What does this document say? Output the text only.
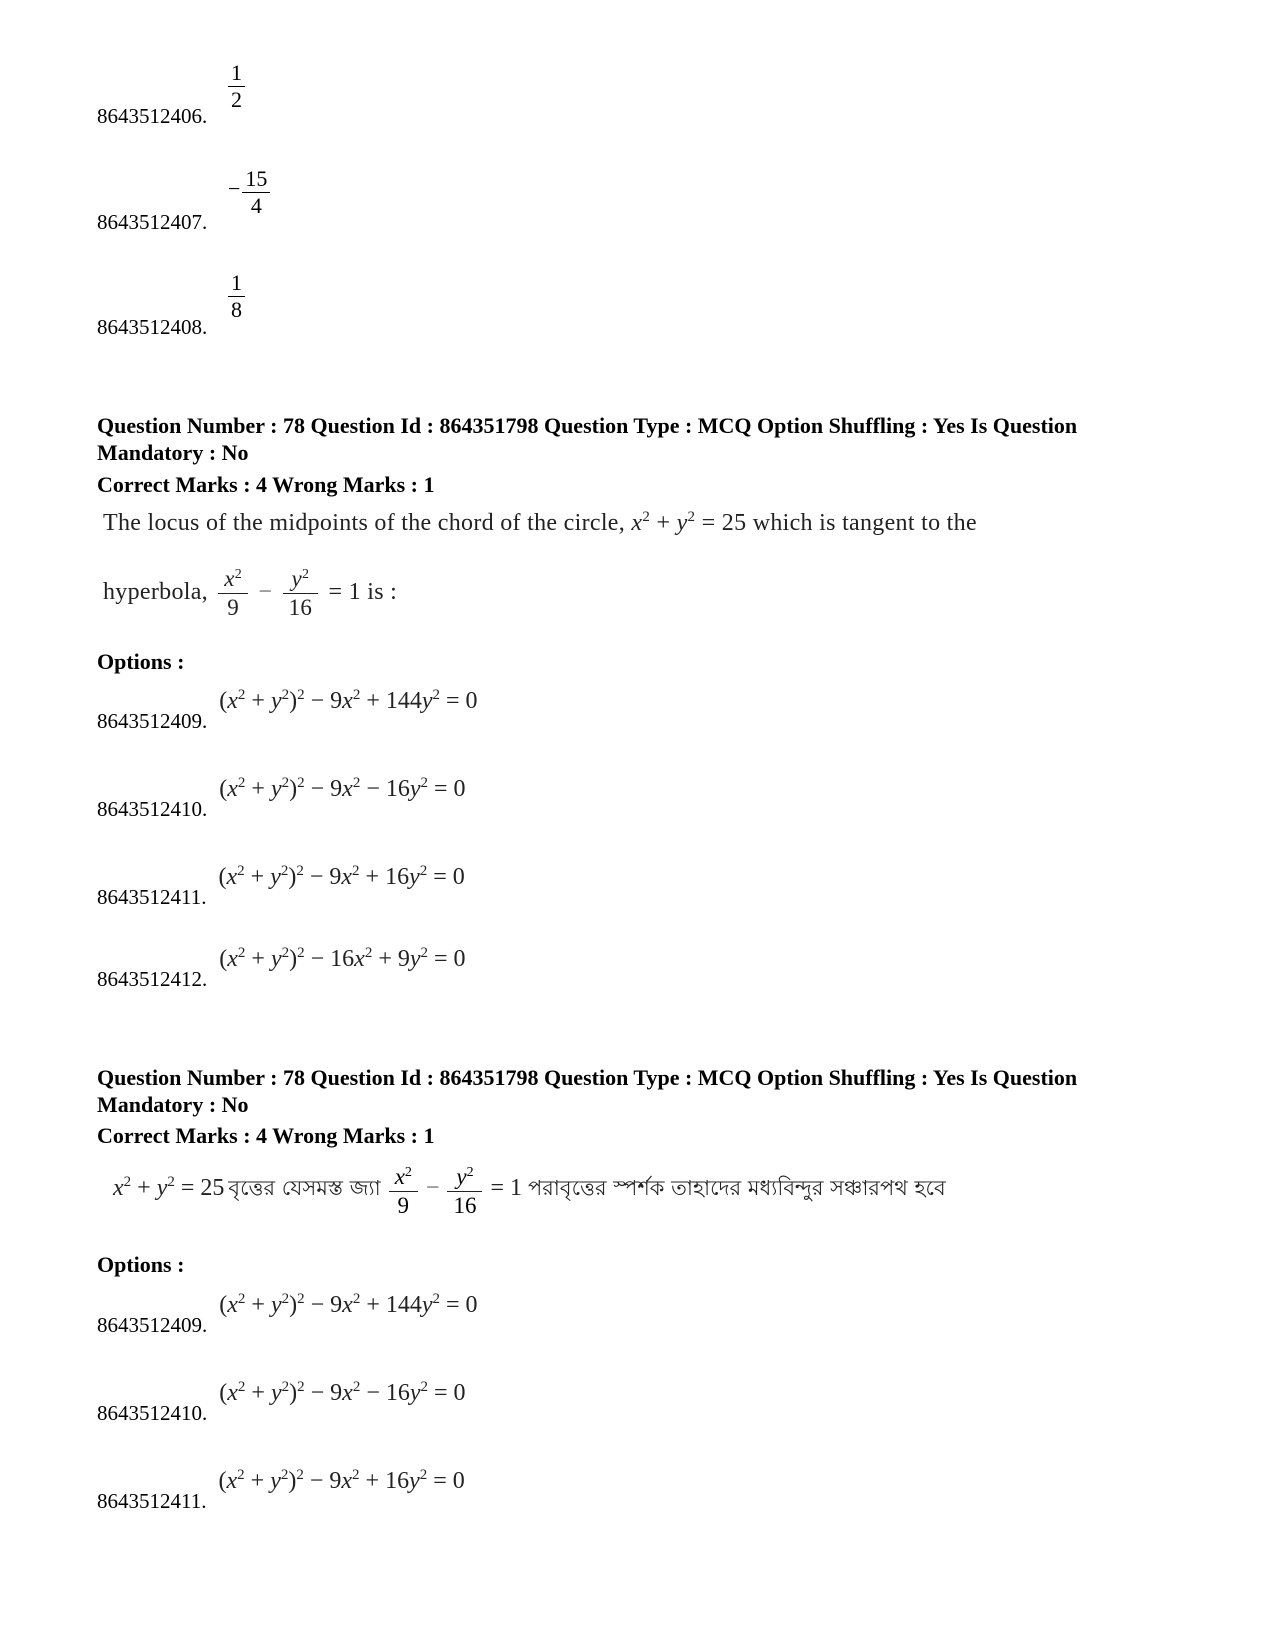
8643512406.
$\frac{1}{2}$
8643512407.
− $\frac{15}{4}$
8643512408.
$\frac{1}{8}$
Question Number : 78 Question Id : 864351798 Question Type : MCQ Option Shuffling : Yes Is Question Mandatory : No
Correct Marks : 4 Wrong Marks : 1
The locus of the midpoints of the chord of the circle, $x^2 + y^2 = 25$ which is tangent to the
hyperbola, $\frac{x^2}{9} - \frac{y^2}{16} = 1$ is :
Options :
8643512409.
$(x^2 + y^2)^2 - 9x^2 + 144y^2 = 0$
8643512410.
$(x^2 + y^2)^2 - 9x^2 - 16y^2 = 0$
8643512411.
$(x^2 + y^2)^2 - 9x^2 + 16y^2 = 0$
8643512412.
$(x^2 + y^2)^2 - 16x^2 + 9y^2 = 0$
Question Number : 78 Question Id : 864351798 Question Type : MCQ Option Shuffling : Yes Is Question Mandatory : No
Correct Marks : 4 Wrong Marks : 1
$x^2 + y^2 = 25$ বৃত্তের যেসমস্ত জ্যা $\frac{x^2}{9} - \frac{y^2}{16} = 1$ পরাবৃত্তের স্পর্শক তাহাদের মধ্যবিন্দুর সঞ্চারপথ হবে
Options :
8643512409.
$(x^2 + y^2)^2 - 9x^2 + 144y^2 = 0$
8643512410.
$(x^2 + y^2)^2 - 9x^2 - 16y^2 = 0$
8643512411.
$(x^2 + y^2)^2 - 9x^2 + 16y^2 = 0$
